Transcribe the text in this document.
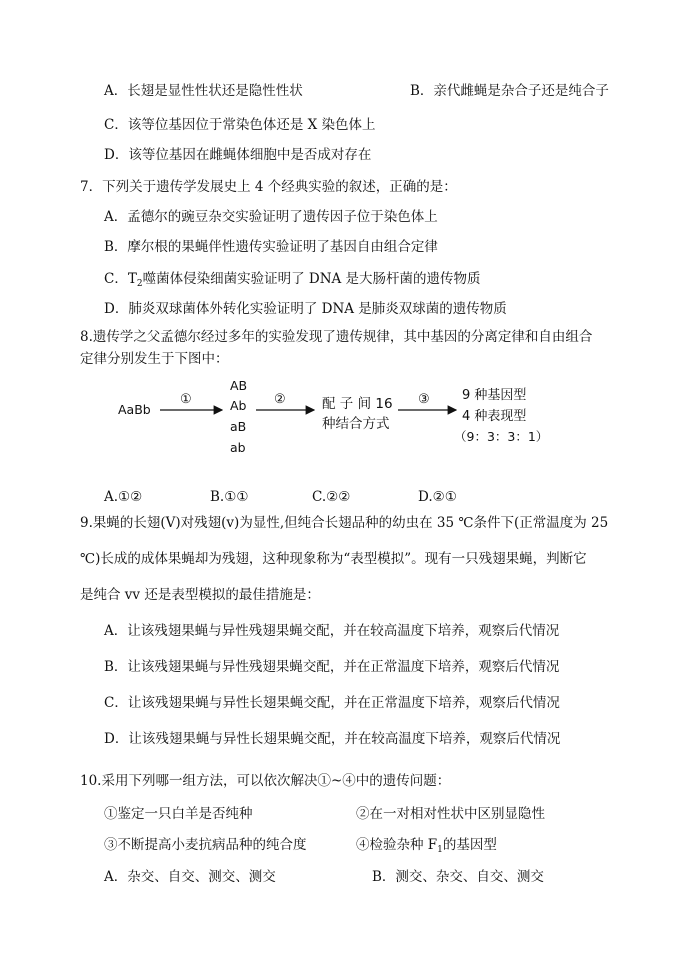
A．长翅是显性性状还是隐性性状	B．亲代雌蝇是杂合子还是纯合子
C．该等位基因位于常染色体还是 X 染色体上
D．该等位基因在雌蝇体细胞中是否成对存在
7．下列关于遗传学发展史上 4 个经典实验的叙述，正确的是：
A．孟德尔的豌豆杂交实验证明了遗传因子位于染色体上
B．摩尔根的果蝇伴性遗传实验证明了基因自由组合定律
C．$T_2$噬菌体侵染细菌实验证明了 DNA 是大肠杆菌的遗传物质
D．肺炎双球菌体外转化实验证明了 DNA 是肺炎双球菌的遗传物质
8.遗传学之父孟德尔经过多年的实验发现了遗传规律，其中基因的分离定律和自由组合
定律分别发生于下图中：
AaBb
①
AB
Ab
aB
ab
②	配 子 间 16
种结合方式
③ 9 种基因型
4 种表现型
（9：3：3：1）
A.①②	B.①①	C.②②	D.②①
9.果蝇的长翅(V)对残翅(v)为显性,但纯合长翅品种的幼虫在 35 ℃条件下(正常温度为 25
℃)长成的成体果蝇却为残翅，这种现象称为“表型模拟”。现有一只残翅果蝇，判断它
是纯合 vv 还是表型模拟的最佳措施是：
A．让该残翅果蝇与异性残翅果蝇交配，并在较高温度下培养，观察后代情况
B．让该残翅果蝇与异性残翅果蝇交配，并在正常温度下培养，观察后代情况
C．让该残翅果蝇与异性长翅果蝇交配，并在正常温度下培养，观察后代情况
D．让该残翅果蝇与异性长翅果蝇交配，并在较高温度下培养，观察后代情况
10.采用下列哪一组方法，可以依次解决①~④中的遗传问题：
①鉴定一只白羊是否纯种	②在一对相对性状中区别显隐性
③不断提高小麦抗病品种的纯合度	④检验杂种 $F_1$的基因型
A．杂交、自交、测交、测交	B．测交、杂交、自交、测交
